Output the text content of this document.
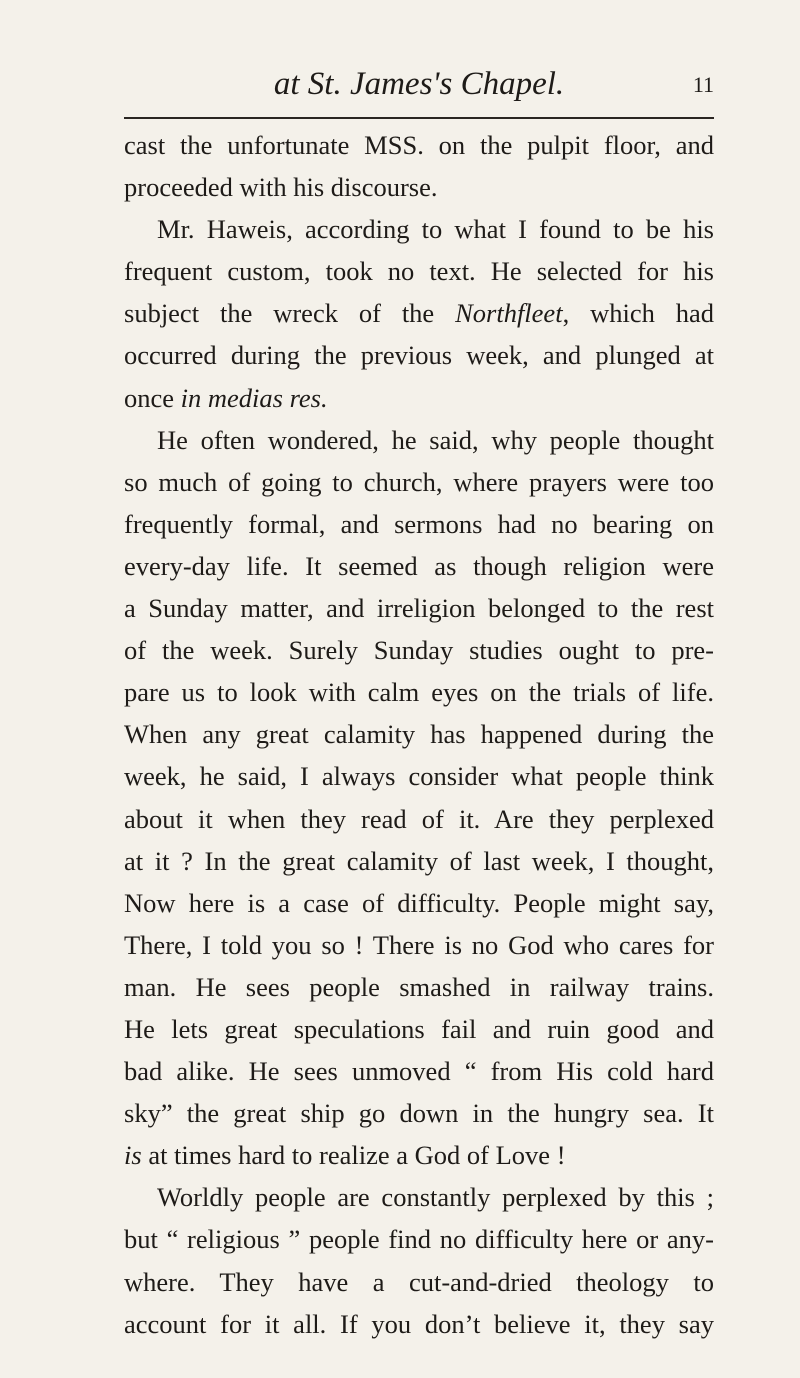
at St. James's Chapel.	11
cast the unfortunate MSS. on the pulpit floor, and
proceeded with his discourse.
Mr. Haweis, according to what I found to be his
frequent custom, took no text. He selected for his
subject the wreck of the Northfleet, which had
occurred during the previous week, and plunged at
once in medias res.
He often wondered, he said, why people thought
so much of going to church, where prayers were too
frequently formal, and sermons had no bearing on
every-day life. It seemed as though religion were
a Sunday matter, and irreligion belonged to the rest
of the week. Surely Sunday studies ought to pre-
pare us to look with calm eyes on the trials of life.
When any great calamity has happened during the
week, he said, I always consider what people think
about it when they read of it. Are they perplexed
at it ? In the great calamity of last week, I thought,
Now here is a case of difficulty. People might say,
There, I told you so ! There is no God who cares for
man. He sees people smashed in railway trains.
He lets great speculations fail and ruin good and
bad alike. He sees unmoved “ from His cold hard
sky” the great ship go down in the hungry sea. It
is at times hard to realize a God of Love !
Worldly people are constantly perplexed by this ;
but “ religious ” people find no difficulty here or any-
where. They have a cut-and-dried theology to
account for it all. If you don’t believe it, they say
